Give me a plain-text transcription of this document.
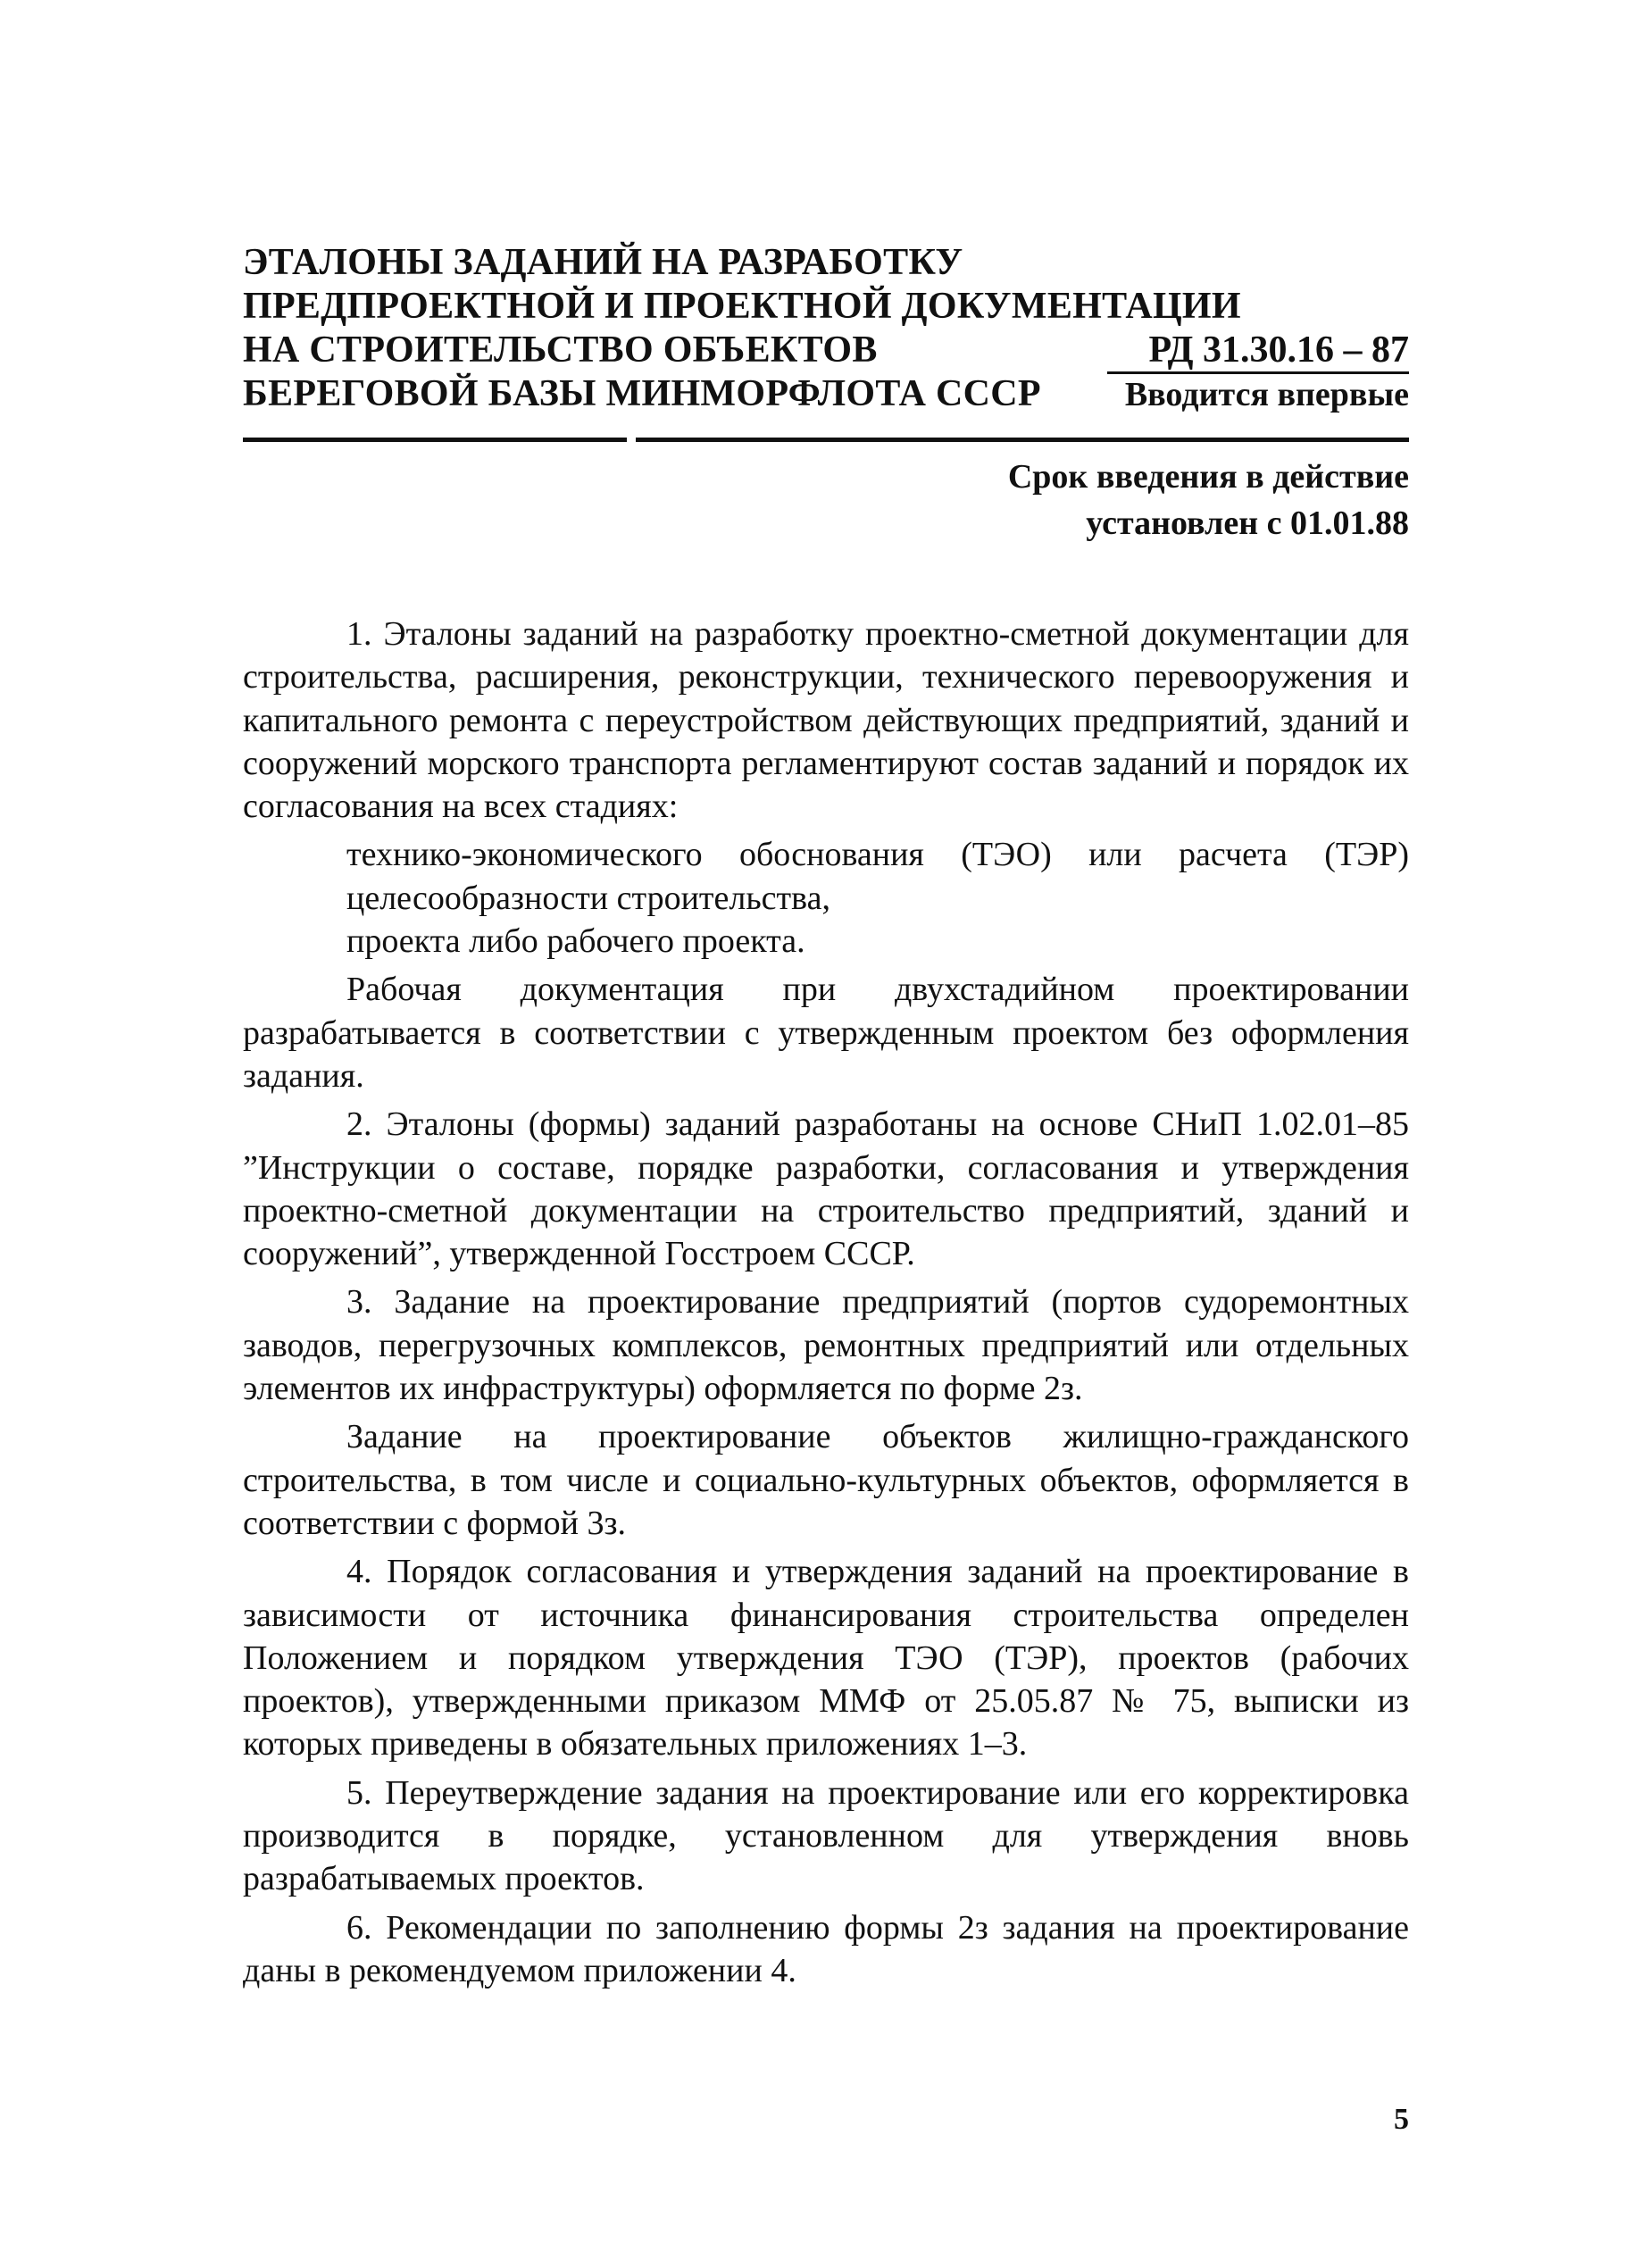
ЭТАЛОНЫ ЗАДАНИЙ НА РАЗРАБОТКУ
ПРЕДПРОЕКТНОЙ И ПРОЕКТНОЙ ДОКУМЕНТАЦИИ
НА СТРОИТЕЛЬСТВО ОБЪЕКТОВ
БЕРЕГОВОЙ БАЗЫ МИНМОРФЛОТА СССР
РД 31.30.16 – 87
Вводится впервые
Срок введения в действие
установлен с 01.01.88

1. Эталоны заданий на разработку проектно-сметной документации для строительства, расширения, реконструкции, технического перевооружения и капитального ремонта с переустройством действующих предприятий, зданий и сооружений морского транспорта регламентируют состав заданий и порядок их согласования на всех стадиях:

технико-экономического обоснования (ТЭО) или расчета (ТЭР) целесообразности строительства,

проекта либо рабочего проекта.

Рабочая документация при двухстадийном проектировании разрабатывается в соответствии с утвержденным проектом без оформления задания.

2. Эталоны (формы) заданий разработаны на основе СНиП 1.02.01–85 ”Инструкции о составе, порядке разработки, согласования и утверждения проектно-сметной документации на строительство предприятий, зданий и сооружений”, утвержденной Госстроем СССР.

3. Задание на проектирование предприятий (портов судоремонтных заводов, перегрузочных комплексов, ремонтных предприятий или отдельных элементов их инфраструктуры) оформляется по форме 2з.

Задание на проектирование объектов жилищно-гражданского строительства, в том числе и социально-культурных объектов, оформляется в соответствии с формой 3з.

4. Порядок согласования и утверждения заданий на проектирование в зависимости от источника финансирования строительства определен Положением и порядком утверждения ТЭО (ТЭР), проектов (рабочих проектов), утвержденными приказом ММФ от 25.05.87 № 75, выписки из которых приведены в обязательных приложениях 1–3.

5. Переутверждение задания на проектирование или его корректировка производится в порядке, установленном для утверждения вновь разрабатываемых проектов.

6. Рекомендации по заполнению формы 2з задания на проектирование даны в рекомендуемом приложении 4.

5
